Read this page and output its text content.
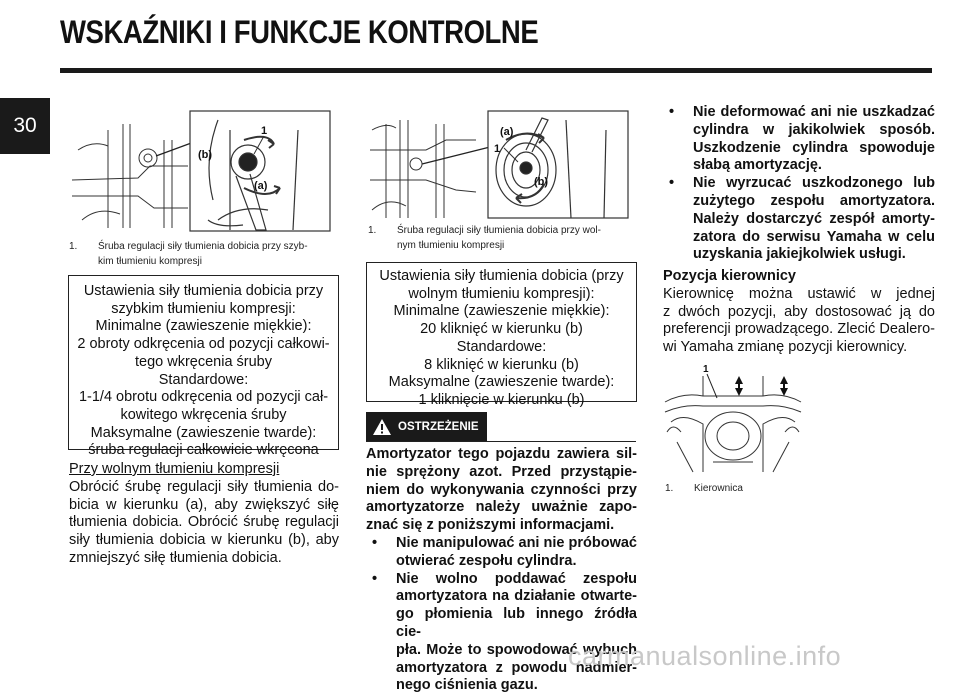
WSKAŹNIKI I FUNKCJE KONTROLNE
30
(b)
1
(a)
1.	Śruba regulacji siły tłumienia dobicia przy szyb-
kim tłumieniu kompresji
Ustawienia siły tłumienia dobicia przy
szybkim tłumieniu kompresji:
Minimalne (zawieszenie miękkie):
2 obroty odkręcenia od pozycji całkowi-
tego wkręcenia śruby
Standardowe:
1-1/4 obrotu odkręcenia od pozycji cał-
kowitego wkręcenia śruby
Maksymalne (zawieszenie twarde):
śruba regulacji całkowicie wkręcona
Przy wolnym tłumieniu kompresji
Obrócić śrubę regulacji siły tłumienia do-
bicia w kierunku (a), aby zwiększyć siłę
tłumienia dobicia. Obrócić śrubę regulacji
siły tłumienia dobicia w kierunku (b), aby
zmniejszyć siłę tłumienia dobicia.
(a)
1
(b)
1.	Śruba regulacji siły tłumienia dobicia przy wol-
nym tłumieniu kompresji
Ustawienia siły tłumienia dobicia (przy
wolnym tłumieniu kompresji):
Minimalne (zawieszenie miękkie):
20 kliknięć w kierunku (b)
Standardowe:
8 kliknięć w kierunku (b)
Maksymalne (zawieszenie twarde):
1 kliknięcie w kierunku (b)
OSTRZEŻENIE
Amortyzator tego pojazdu zawiera sil-
nie sprężony azot. Przed przystąpie-
niem do wykonywania czynności przy
amortyzatorze należy uważnie zapo-
znać się z poniższymi informacjami.
• Nie manipulować ani nie próbować
otwierać zespołu cylindra.
• Nie wolno poddawać zespołu
amortyzatora na działanie otwarte-
go płomienia lub innego źródła cie-
pła. Może to spowodować wybuch
amortyzatora z powodu nadmier-
nego ciśnienia gazu.
• Nie deformować ani nie uszkadzać
cylindra w jakikolwiek sposób.
Uszkodzenie cylindra spowoduje
słabą amortyzację.
• Nie wyrzucać uszkodzonego lub
zużytego zespołu amortyzatora.
Należy dostarczyć zespół amorty-
zatora do serwisu Yamaha w celu
uzyskania jakiejkolwiek usługi.
Pozycja kierownicy
Kierownicę można ustawić w jednej
z dwóch pozycji, aby dostosować ją do
preferencji prowadzącego. Zlecić Dealero-
wi Yamaha zmianę pozycji kierownicy.
1
1.	Kierownica
carmanualsonline.info
